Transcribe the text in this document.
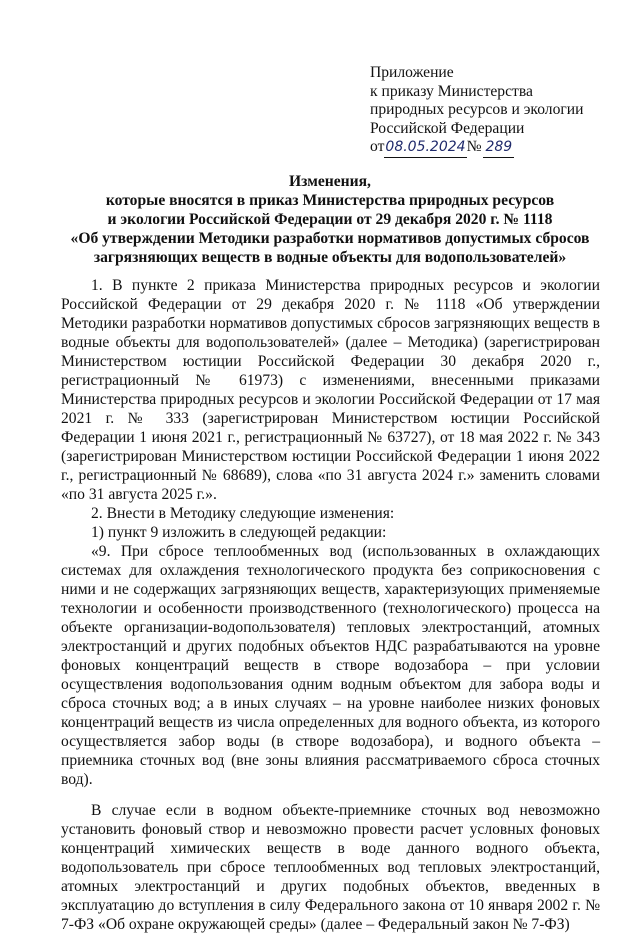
Приложение
к приказу Министерства
природных ресурсов и экологии
Российской Федерации
от08.05.2024№ 289
Изменения,
которые вносятся в приказ Министерства природных ресурсов
и экологии Российской Федерации от 29 декабря 2020 г. № 1118
«Об утверждении Методики разработки нормативов допустимых сбросов
загрязняющих веществ в водные объекты для водопользователей»

1. В пункте 2 приказа Министерства природных ресурсов и экологии Российской Федерации от 29 декабря 2020 г. № 1118 «Об утверждении Методики разработки нормативов допустимых сбросов загрязняющих веществ в водные объекты для водопользователей» (далее – Методика) (зарегистрирован Министерством юстиции Российской Федерации 30 декабря 2020 г., регистрационный № 61973) с изменениями, внесенными приказами Министерства природных ресурсов и экологии Российской Федерации от 17 мая 2021 г. № 333 (зарегистрирован Министерством юстиции Российской Федерации 1 июня 2021 г., регистрационный № 63727), от 18 мая 2022 г. № 343 (зарегистрирован Министерством юстиции Российской Федерации 1 июня 2022 г., регистрационный № 68689), слова «по 31 августа 2024 г.» заменить словами «по 31 августа 2025 г.».

2. Внести в Методику следующие изменения:

1) пункт 9 изложить в следующей редакции:

«9. При сбросе теплообменных вод (использованных в охлаждающих системах для охлаждения технологического продукта без соприкосновения с ними и не содержащих загрязняющих веществ, характеризующих применяемые технологии и особенности производственного (технологического) процесса на объекте организации-водопользователя) тепловых электростанций, атомных электростанций и других подобных объектов НДС разрабатываются на уровне фоновых концентраций веществ в створе водозабора – при условии осуществления водопользования одним водным объектом для забора воды и сброса сточных вод; а в иных случаях – на уровне наиболее низких фоновых концентраций веществ из числа определенных для водного объекта, из которого осуществляется забор воды (в створе водозабора), и водного объекта – приемника сточных вод (вне зоны влияния рассматриваемого сброса сточных вод).

В случае если в водном объекте-приемнике сточных вод невозможно установить фоновый створ и невозможно провести расчет условных фоновых концентраций химических веществ в воде данного водного объекта, водопользователь при сбросе теплообменных вод тепловых электростанций, атомных электростанций и других подобных объектов, введенных в эксплуатацию до вступления в силу Федерального закона от 10 января 2002 г. № 7-ФЗ «Об охране окружающей среды» (далее – Федеральный закон № 7-ФЗ)
